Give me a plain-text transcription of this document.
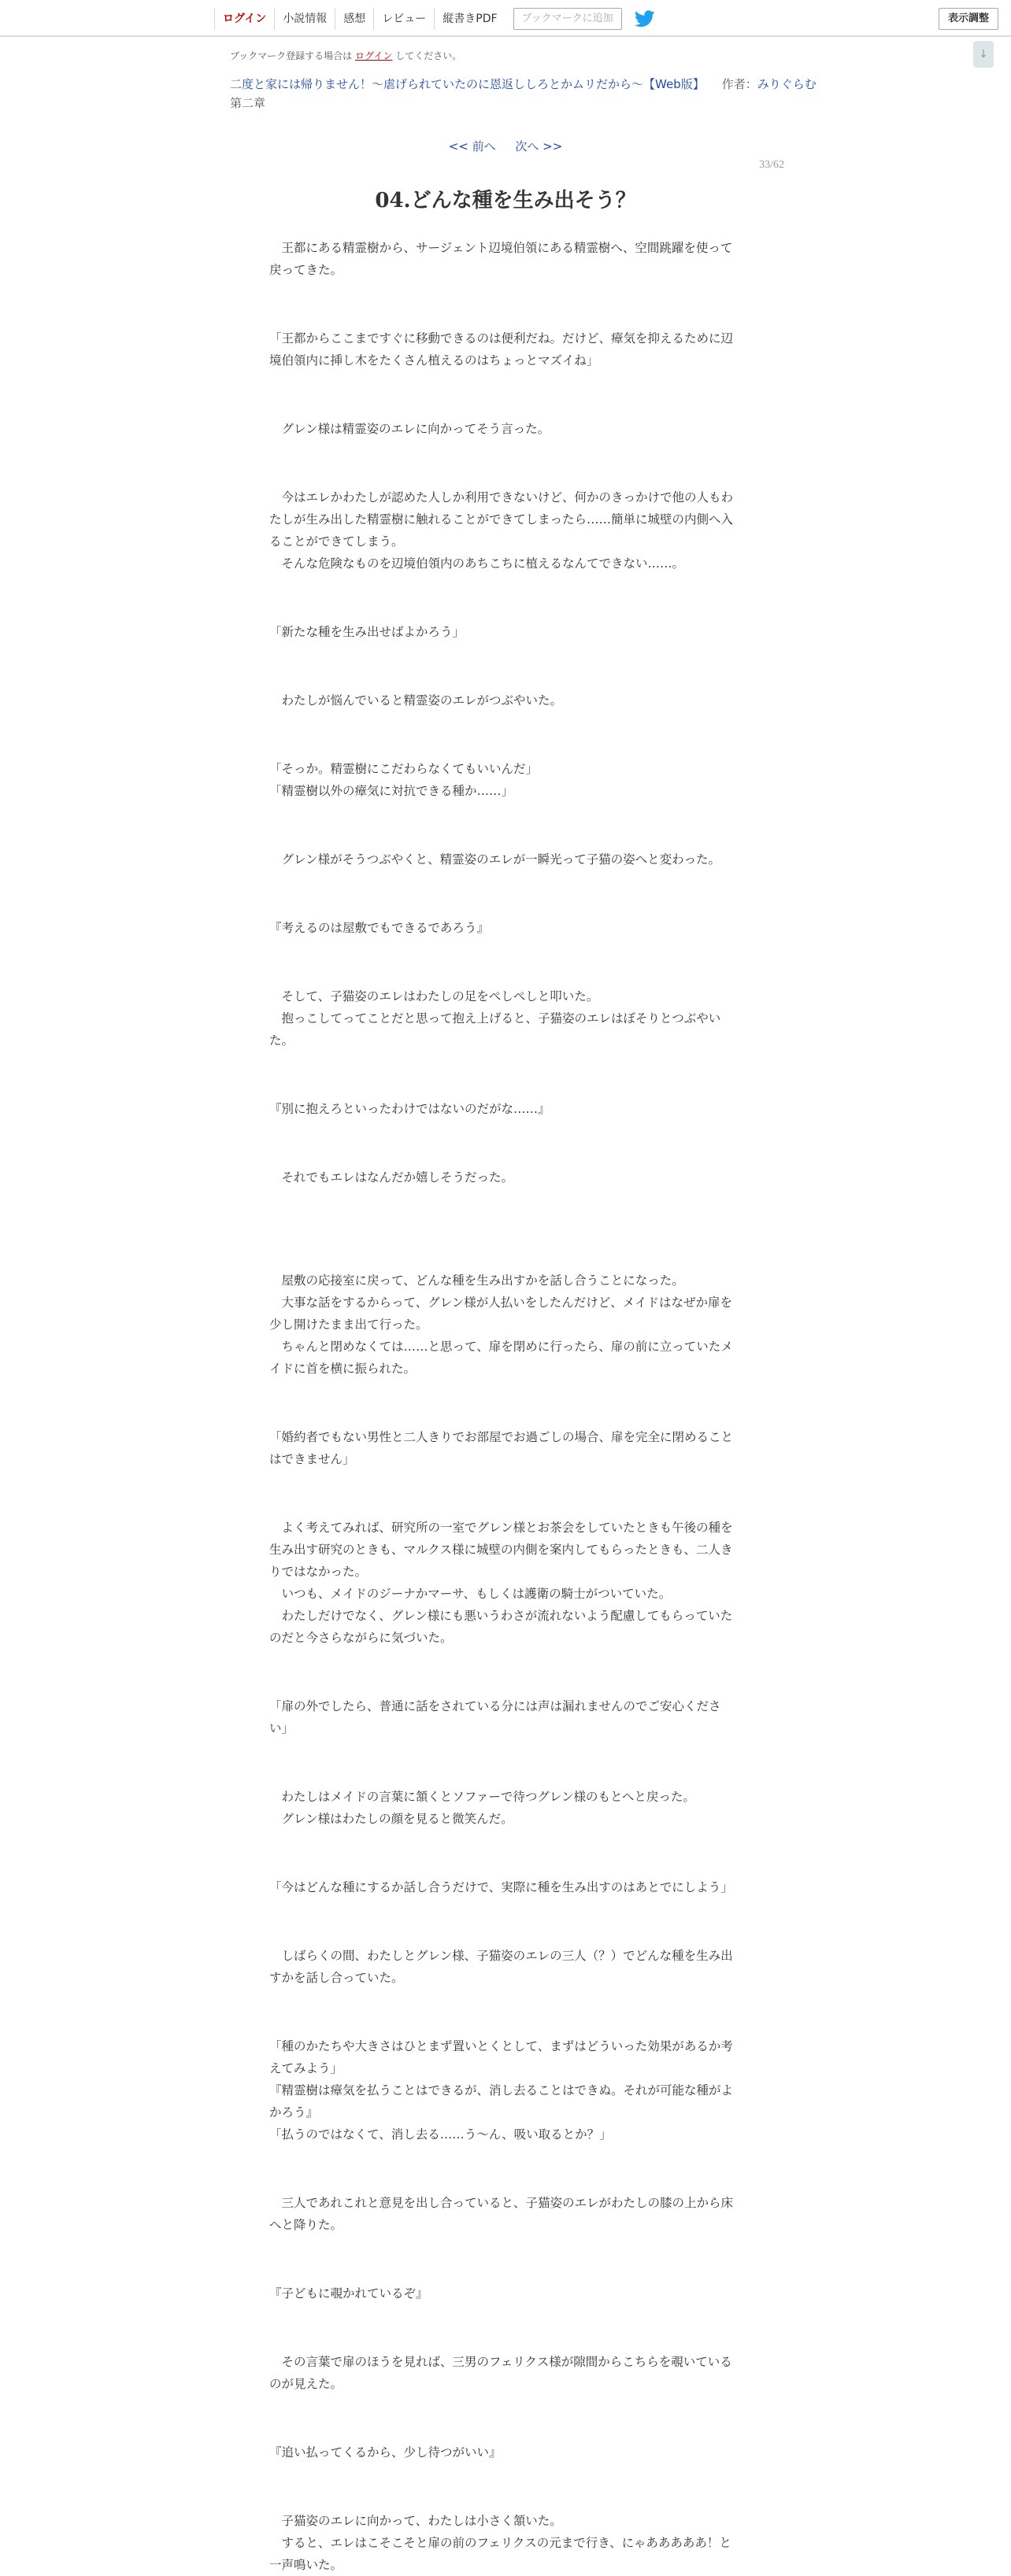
ログイン	小説情報	感想	レビュー	縦書きPDF	ブックマークに追加	表示調整
↓
ブックマーク登録する場合は ログイン してください。
二度と家には帰りません！～虐げられていたのに恩返ししろとかムリだから～【Web版】 作者：みりぐらむ
第二章
<< 前へ 次へ >>
33/62
04.どんな種を生み出そう？

　王都にある精霊樹から、サージェント辺境伯領にある精霊樹へ、空間跳躍を使って戻ってきた。

「王都からここまですぐに移動できるのは便利だね。だけど、瘴気を抑えるために辺境伯領内に挿し木をたくさん植えるのはちょっとマズイね」

　グレン様は精霊姿のエレに向かってそう言った。

　今はエレかわたしが認めた人しか利用できないけど、何かのきっかけで他の人もわたしが生み出した精霊樹に触れることができてしまったら……簡単に城壁の内側へ入ることができてしまう。

　そんな危険なものを辺境伯領内のあちこちに植えるなんてできない……。

「新たな種を生み出せばよかろう」

　わたしが悩んでいると精霊姿のエレがつぶやいた。

「そっか。精霊樹にこだわらなくてもいいんだ」

「精霊樹以外の瘴気に対抗できる種か……」

　グレン様がそうつぶやくと、精霊姿のエレが一瞬光って子猫の姿へと変わった。

『考えるのは屋敷でもできるであろう』

　そして、子猫姿のエレはわたしの足をぺしぺしと叩いた。

　抱っこしてってことだと思って抱え上げると、子猫姿のエレはぼそりとつぶやいた。

『別に抱えろといったわけではないのだがな……』

　それでもエレはなんだか嬉しそうだった。

　屋敷の応接室に戻って、どんな種を生み出すかを話し合うことになった。

　大事な話をするからって、グレン様が人払いをしたんだけど、メイドはなぜか扉を少し開けたまま出て行った。

　ちゃんと閉めなくては……と思って、扉を閉めに行ったら、扉の前に立っていたメイドに首を横に振られた。

「婚約者でもない男性と二人きりでお部屋でお過ごしの場合、扉を完全に閉めることはできません」

　よく考えてみれば、研究所の一室でグレン様とお茶会をしていたときも午後の種を生み出す研究のときも、マルクス様に城壁の内側を案内してもらったときも、二人きりではなかった。

　いつも、メイドのジーナかマーサ、もしくは護衛の騎士がついていた。

　わたしだけでなく、グレン様にも悪いうわさが流れないよう配慮してもらっていたのだと今さらながらに気づいた。

「扉の外でしたら、普通に話をされている分には声は漏れませんのでご安心ください」

　わたしはメイドの言葉に頷くとソファーで待つグレン様のもとへと戻った。

　グレン様はわたしの顔を見ると微笑んだ。

「今はどんな種にするか話し合うだけで、実際に種を生み出すのはあとでにしよう」

　しばらくの間、わたしとグレン様、子猫姿のエレの三人（？）でどんな種を生み出すかを話し合っていた。

「種のかたちや大きさはひとまず置いとくとして、まずはどういった効果があるか考えてみよう」

『精霊樹は瘴気を払うことはできるが、消し去ることはできぬ。それが可能な種がよかろう』

「払うのではなくて、消し去る……う～ん、吸い取るとか？」

　三人であれこれと意見を出し合っていると、子猫姿のエレがわたしの膝の上から床へと降りた。

『子どもに覗かれているぞ』

　その言葉で扉のほうを見れば、三男のフェリクス様が隙間からこちらを覗いているのが見えた。

『追い払ってくるから、少し待つがいい』

　子猫姿のエレに向かって、わたしは小さく頷いた。

　すると、エレはこそこそと扉の前のフェリクスの元まで行き、にゃあああああ！と一声鳴いた。
